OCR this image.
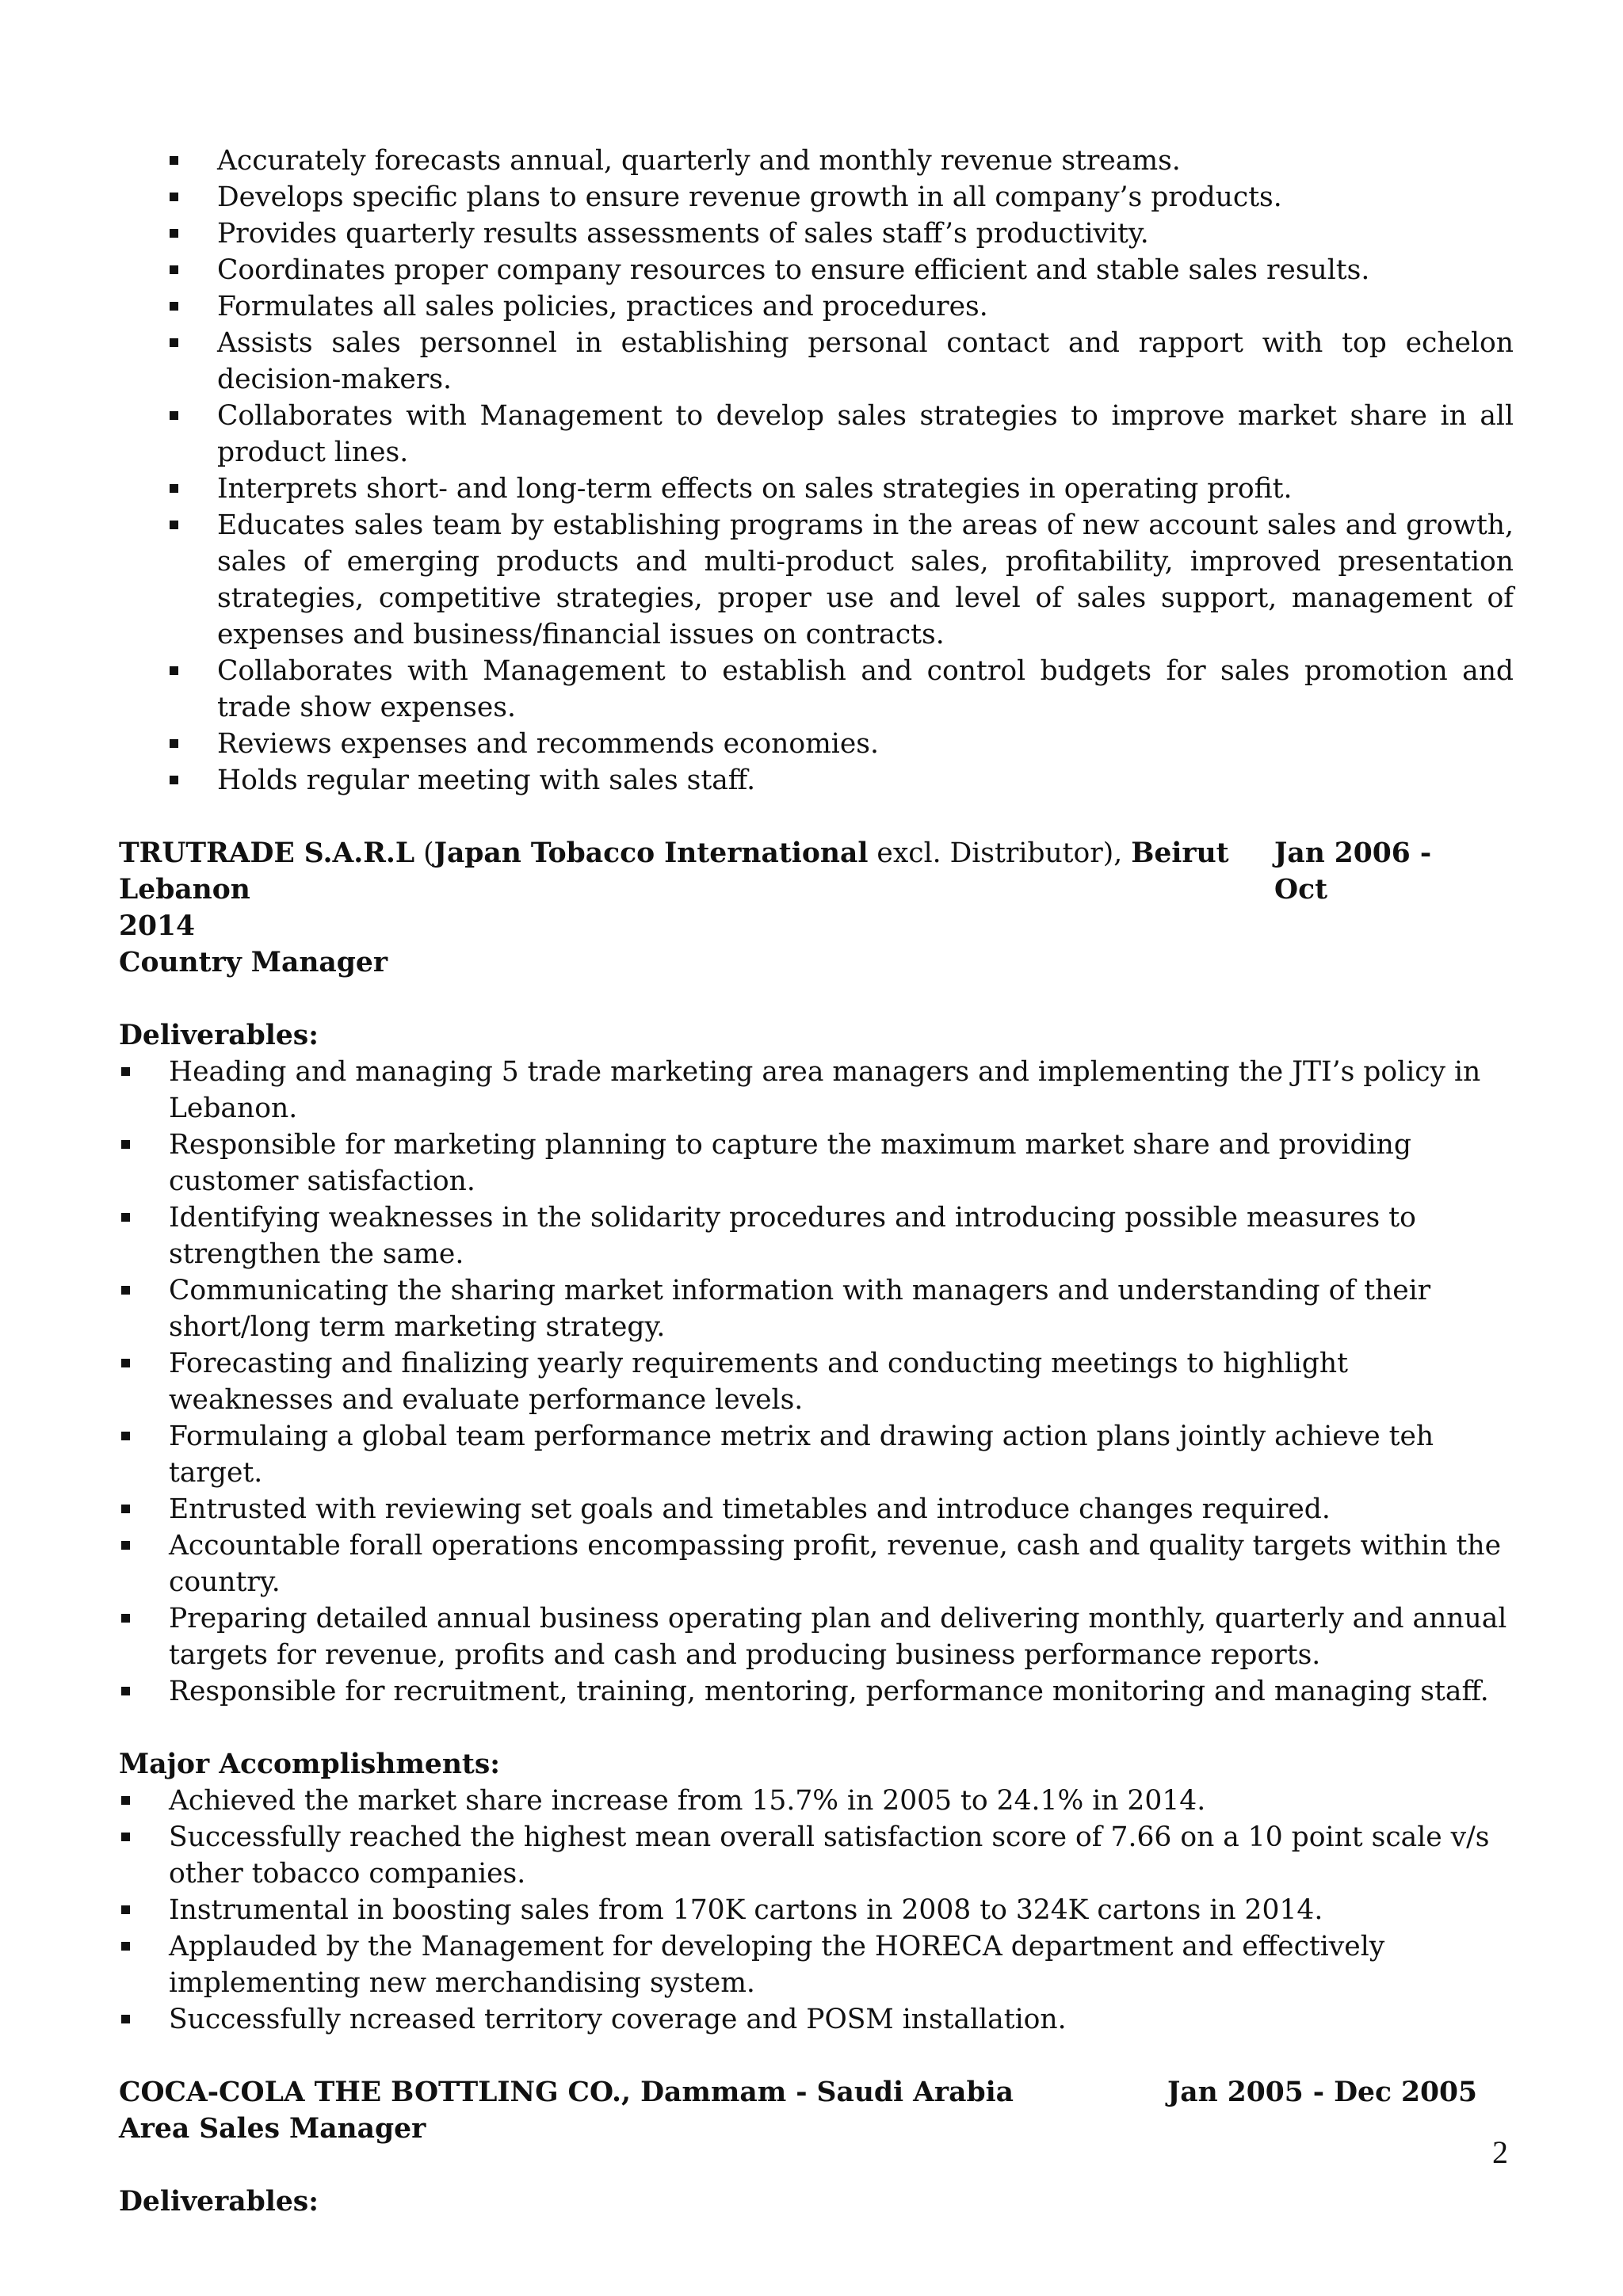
Accurately forecasts annual, quarterly and monthly revenue streams.
Develops specific plans to ensure revenue growth in all company’s products.
Provides quarterly results assessments of sales staff’s productivity.
Coordinates proper company resources to ensure efficient and stable sales results.
Formulates all sales policies, practices and procedures.
Assists sales personnel in establishing personal contact and rapport with top echelon decision-makers.
Collaborates with Management to develop sales strategies to improve market share in all product lines.
Interprets short- and long-term effects on sales strategies in operating profit.
Educates sales team by establishing programs in the areas of new account sales and growth, sales of emerging products and multi-product sales, profitability, improved presentation strategies, competitive strategies, proper use and level of sales support, management of expenses and business/financial issues on contracts.
Collaborates with Management to establish and control budgets for sales promotion and trade show expenses.
Reviews expenses and recommends economies.
Holds regular meeting with sales staff.
TRUTRADE S.A.R.L (Japan Tobacco International excl. Distributor), Beirut Lebanon
Jan 2006 - Oct
2014
Country Manager
Deliverables:
Heading and managing 5 trade marketing area managers and implementing the JTI’s policy in Lebanon.
Responsible for marketing planning to capture the maximum market share and providing customer satisfaction.
Identifying weaknesses in the solidarity procedures and introducing possible measures to strengthen the same.
Communicating the sharing market information with managers and understanding of their short/long term marketing strategy.
Forecasting and finalizing yearly requirements and conducting meetings to highlight weaknesses and evaluate performance levels.
Formulaing a global team performance metrix and drawing action plans jointly achieve teh target.
Entrusted with reviewing set goals and timetables and introduce changes required.
Accountable forall operations encompassing profit, revenue, cash and quality targets within the country.
Preparing detailed annual business operating plan and delivering monthly, quarterly and annual targets for revenue, profits and cash and producing business performance reports.
Responsible for recruitment, training, mentoring, performance monitoring and managing staff.
Major Accomplishments:
Achieved the market share increase from 15.7% in 2005 to 24.1% in 2014.
Successfully reached the highest mean overall satisfaction score of 7.66 on a 10 point scale v/s other tobacco companies.
Instrumental in boosting sales from 170K cartons in 2008 to 324K cartons in 2014.
Applauded by the Management for developing the HORECA department and effectively implementing new merchandising system.
Successfully ncreased territory coverage and POSM installation.
COCA-COLA THE BOTTLING CO., Dammam - Saudi Arabia	Jan 2005 - Dec 2005
Area Sales Manager
Deliverables:
2
